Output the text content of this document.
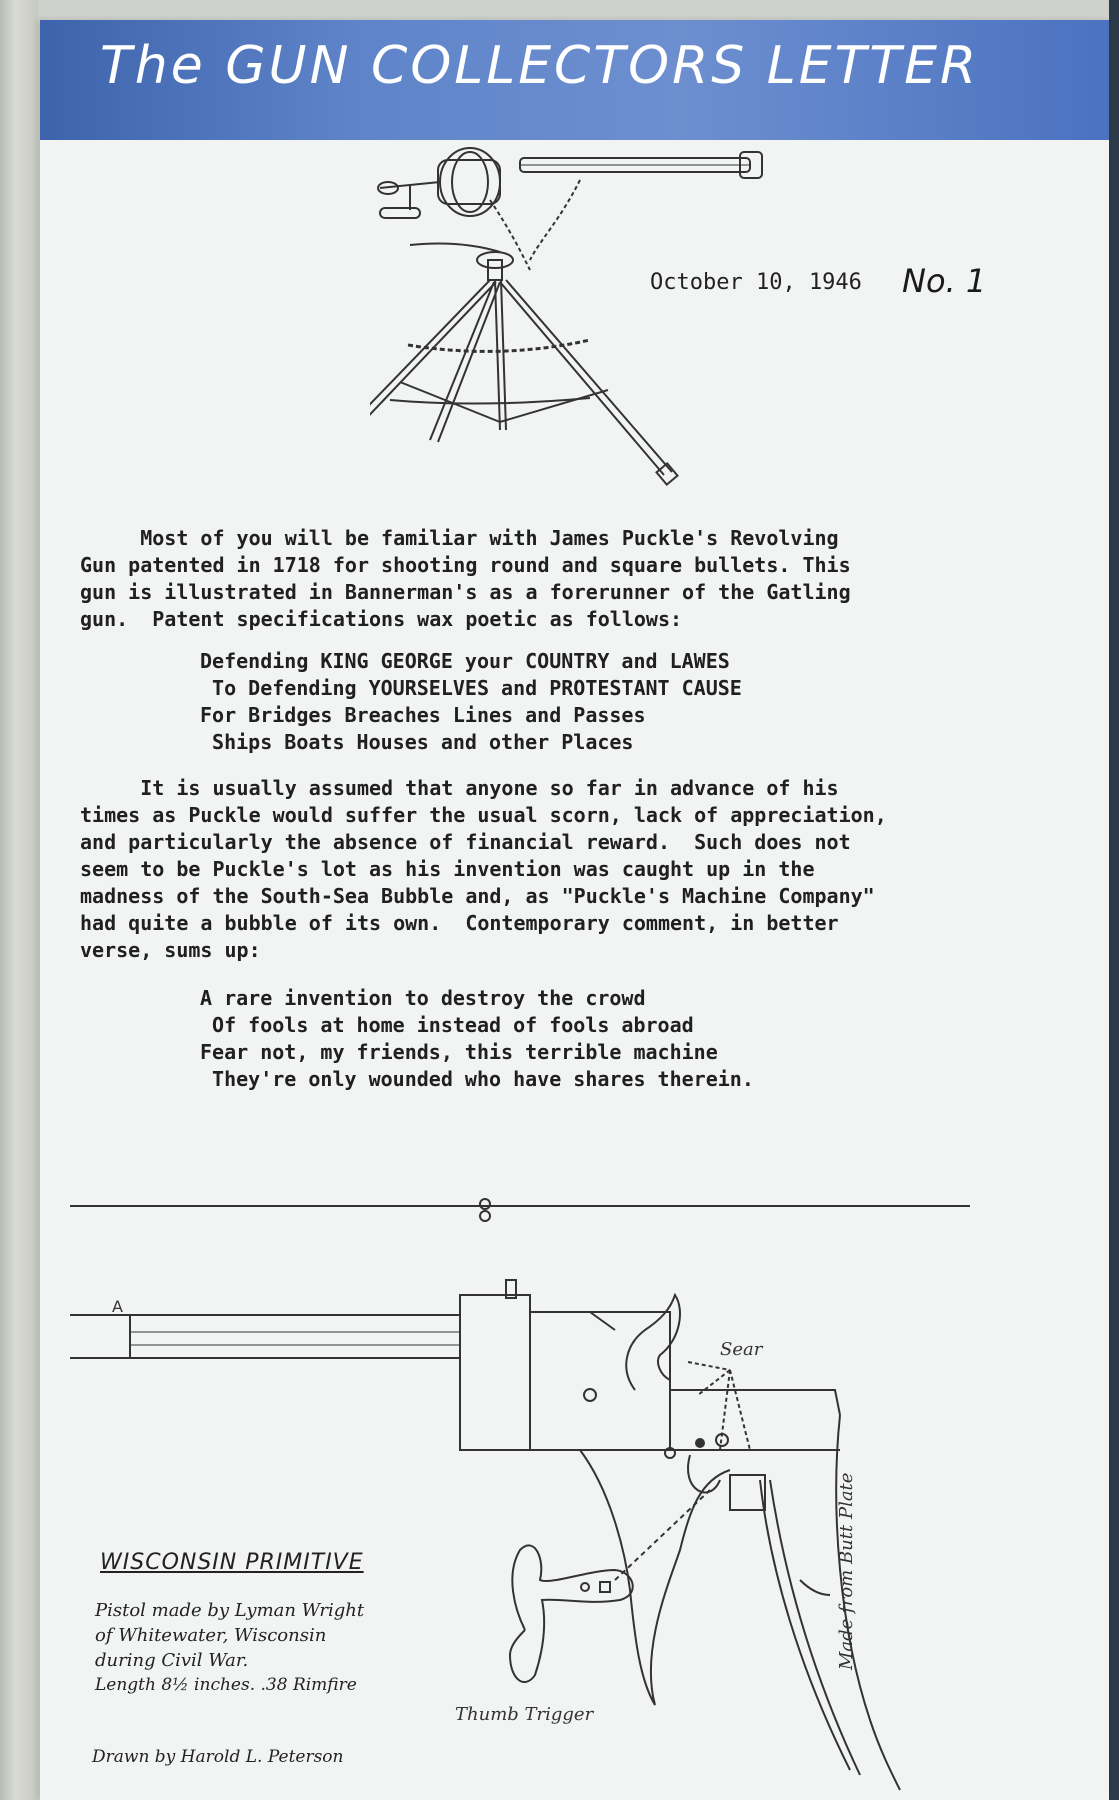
The GUN COLLECTORS LETTER
October 10, 1946 No. 1
Most of you will be familiar with James Puckle's Revolving
Gun patented in 1718 for shooting round and square bullets. This
gun is illustrated in Bannerman's as a forerunner of the Gatling
gun.  Patent specifications wax poetic as follows:
Defending KING GEORGE your COUNTRY and LAWES
To Defending YOURSELVES and PROTESTANT CAUSE
For Bridges Breaches Lines and Passes
Ships Boats Houses and other Places
It is usually assumed that anyone so far in advance of his
times as Puckle would suffer the usual scorn, lack of appreciation,
and particularly the absence of financial reward.  Such does not
seem to be Puckle's lot as his invention was caught up in the
madness of the South-Sea Bubble and, as "Puckle's Machine Company"
had quite a bubble of its own.  Contemporary comment, in better
verse, sums up:
A rare invention to destroy the crowd
Of fools at home instead of fools abroad
Fear not, my friends, this terrible machine
They're only wounded who have shares therein.
A
Sear
Thumb Trigger
Made from Butt Plate
WISCONSIN PRIMITIVE
Pistol made by Lyman Wright
of Whitewater, Wisconsin
during Civil War.
Length 8½ inches. .38 Rimfire
Drawn by Harold L. Peterson
